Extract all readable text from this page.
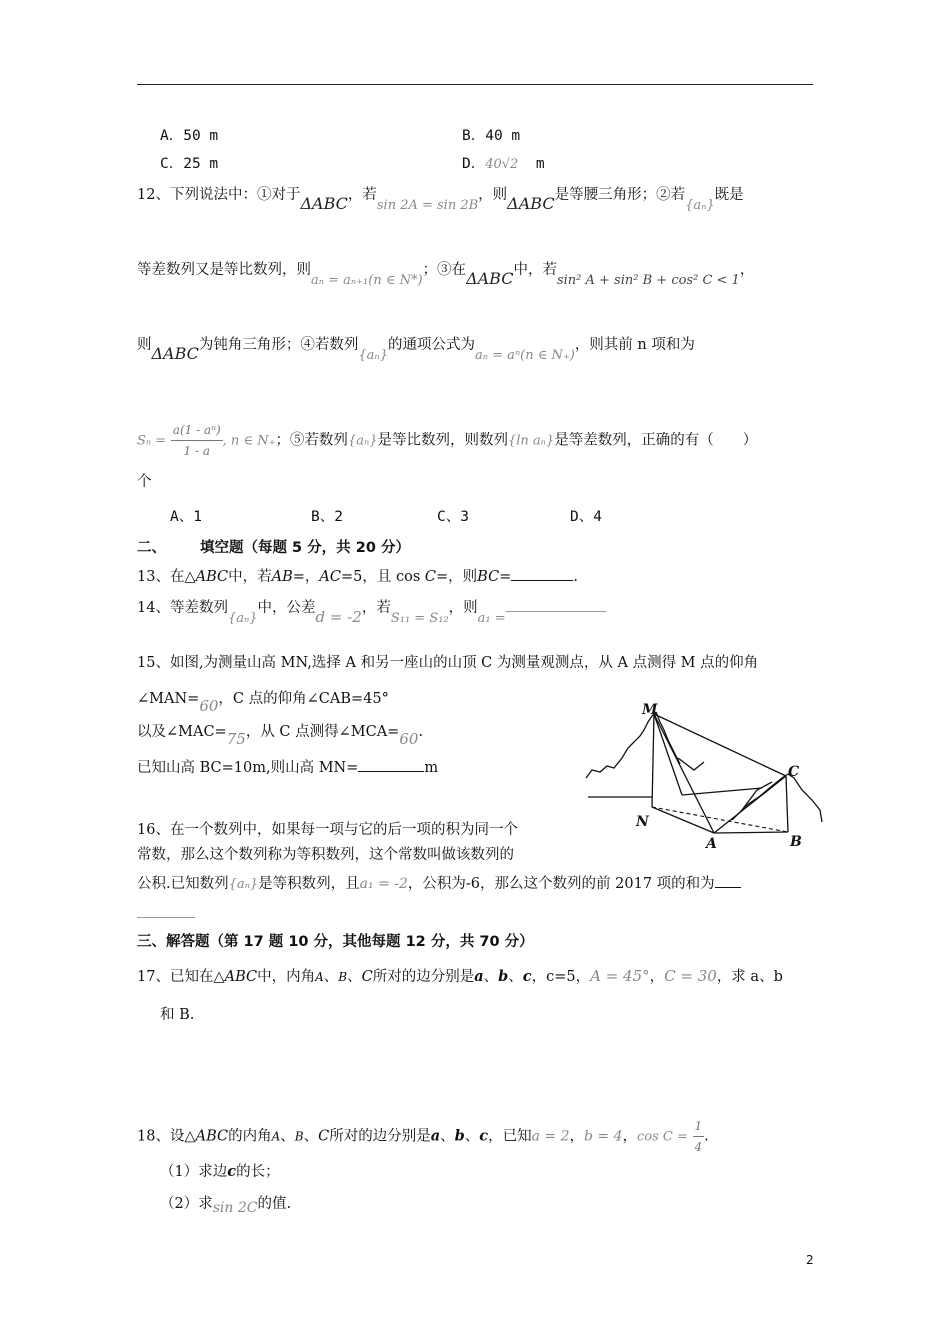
A．50 m	B．40 m
C．25 m	D．40√2 m
12、下列说法中：①对于ΔABC，若sin 2A = sin 2B，则ΔABC是等腰三角形；②若{aₙ}既是
等差数列又是等比数列，则aₙ = aₙ₊₁(n ∈ N*)；③在ΔABC中，若sin² A + sin² B + cos² C < 1，
则ΔABC为钝角三角形；④若数列{aₙ}的通项公式为aₙ = aⁿ(n ∈ N₊)，则其前 n 项和为
$S_n = \frac{\text{a(1 - aⁿ)}}{1 - a}$ , n ∈ N₊；⑤若数列{aₙ}是等比数列，则数列{ln aₙ}是等差数列，正确的有（　　）
个
A、1	B、2	C、3	D、4
二、 填空题（每题 5 分，共 20 分）
13、在△ABC中，若AB=，AC=5，且 cos C=，则BC=	.
14、等差数列{aₙ}中，公差d = -2，若S₁₁ = S₁₂，则a₁ =
15、如图,为测量山高 MN,选择 A 和另一座山的山顶 C 为测量观测点，从 A 点测得 M 点的仰角
∠MAN=60，C 点的仰角∠CAB=45°
以及∠MAC=75，从 C 点测得∠MCA=60.
已知山高 BC=10m,则山高 MN=	m
M
N
A	B
C
16、在一个数列中，如果每一项与它的后一项的积为同一个
常数，那么这个数列称为等积数列，这个常数叫做该数列的
公积.已知数列{aₙ}是等积数列，且a₁ = -2，公积为-6，那么这个数列的前 2017 项的和为
三、解答题（第 17 题 10 分，其他每题 12 分，共 70 分）
17、已知在△ABC中，内角A、B、C所对的边分别是a、b、c，c=5，A = 45°，C = 30，求 a、b
和 B.
18、设△ABC的内角A、B、C所对的边分别是a、b、c，已知a = 2，b = 4，$\cos C = \frac{1}{4}$ .
（1）求边c的长；
（2）求sin 2C的值.
2
